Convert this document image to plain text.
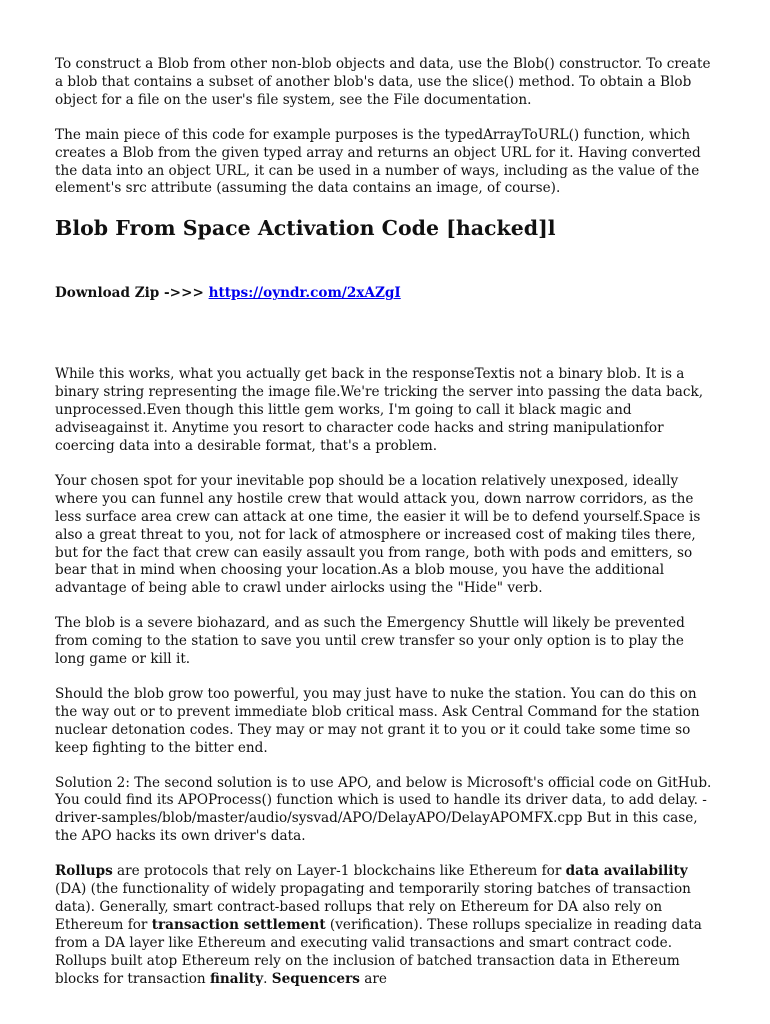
To construct a Blob from other non-blob objects and data, use the Blob() constructor. To create a blob that contains a subset of another blob's data, use the slice() method. To obtain a Blob object for a file on the user's file system, see the File documentation.

The main piece of this code for example purposes is the typedArrayToURL() function, which creates a Blob from the given typed array and returns an object URL for it. Having converted the data into an object URL, it can be used in a number of ways, including as the value of the element's src attribute (assuming the data contains an image, of course).

Blob From Space Activation Code [hacked]l
Download Zip ->>> https://oyndr.com/2xAZgI

While this works, what you actually get back in the responseTextis not a binary blob. It is a binary string representing the image file.We're tricking the server into passing the data back, unprocessed.Even though this little gem works, I'm going to call it black magic and adviseagainst it. Anytime you resort to character code hacks and string manipulationfor coercing data into a desirable format, that's a problem.

Your chosen spot for your inevitable pop should be a location relatively unexposed, ideally where you can funnel any hostile crew that would attack you, down narrow corridors, as the less surface area crew can attack at one time, the easier it will be to defend yourself.Space is also a great threat to you, not for lack of atmosphere or increased cost of making tiles there, but for the fact that crew can easily assault you from range, both with pods and emitters, so bear that in mind when choosing your location.As a blob mouse, you have the additional advantage of being able to crawl under airlocks using the "Hide" verb.

The blob is a severe biohazard, and as such the Emergency Shuttle will likely be prevented from coming to the station to save you until crew transfer so your only option is to play the long game or kill it.

Should the blob grow too powerful, you may just have to nuke the station. You can do this on the way out or to prevent immediate blob critical mass. Ask Central Command for the station nuclear detonation codes. They may or may not grant it to you or it could take some time so keep fighting to the bitter end.

Solution 2: The second solution is to use APO, and below is Microsoft's official code on GitHub. You could find its APOProcess() function which is used to handle its driver data, to add delay. -driver-samples/blob/master/audio/sysvad/APO/DelayAPO/DelayAPOMFX.cpp But in this case, the APO hacks its own driver's data.

Rollups are protocols that rely on Layer-1 blockchains like Ethereum for data availability (DA) (the functionality of widely propagating and temporarily storing batches of transaction data). Generally, smart contract-based rollups that rely on Ethereum for DA also rely on Ethereum for transaction settlement (verification). These rollups specialize in reading data from a DA layer like Ethereum and executing valid transactions and smart contract code. Rollups built atop Ethereum rely on the inclusion of batched transaction data in Ethereum blocks for transaction finality. Sequencers are
